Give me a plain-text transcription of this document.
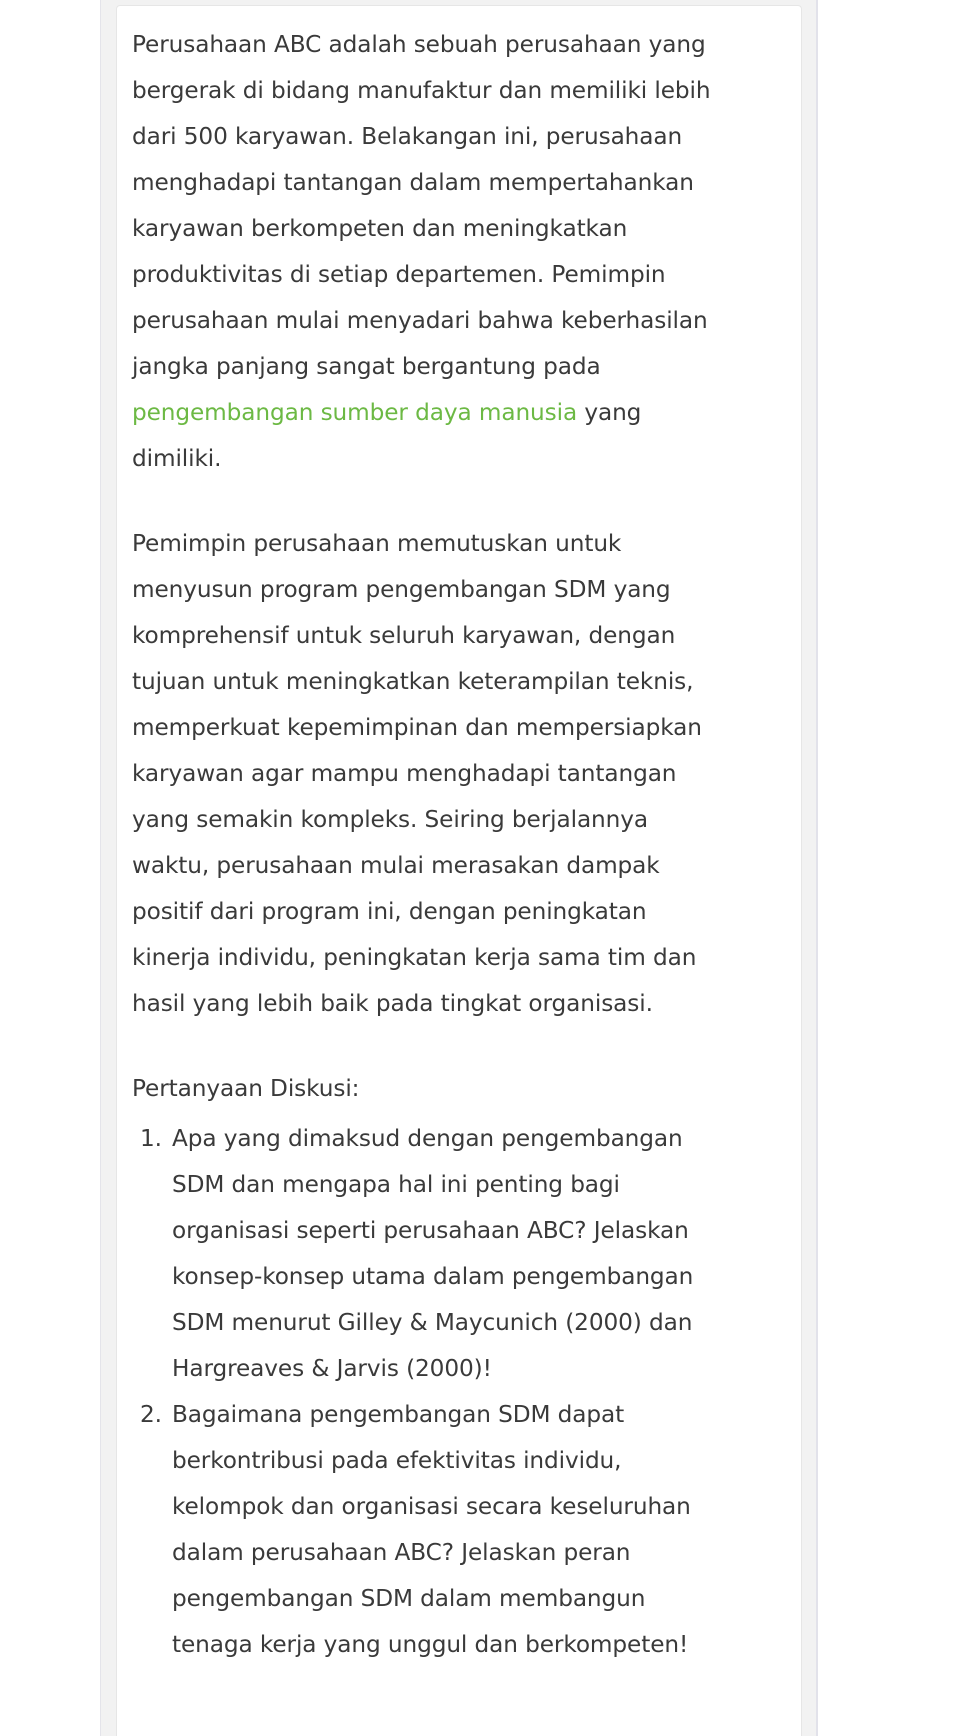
Perusahaan ABC adalah sebuah perusahaan yang
bergerak di bidang manufaktur dan memiliki lebih
dari 500 karyawan. Belakangan ini, perusahaan
menghadapi tantangan dalam mempertahankan
karyawan berkompeten dan meningkatkan
produktivitas di setiap departemen. Pemimpin
perusahaan mulai menyadari bahwa keberhasilan
jangka panjang sangat bergantung pada
pengembangan sumber daya manusia yang
dimiliki.
Pemimpin perusahaan memutuskan untuk
menyusun program pengembangan SDM yang
komprehensif untuk seluruh karyawan, dengan
tujuan untuk meningkatkan keterampilan teknis,
memperkuat kepemimpinan dan mempersiapkan
karyawan agar mampu menghadapi tantangan
yang semakin kompleks. Seiring berjalannya
waktu, perusahaan mulai merasakan dampak
positif dari program ini, dengan peningkatan
kinerja individu, peningkatan kerja sama tim dan
hasil yang lebih baik pada tingkat organisasi.
Pertanyaan Diskusi:
1. Apa yang dimaksud dengan pengembangan
SDM dan mengapa hal ini penting bagi
organisasi seperti perusahaan ABC? Jelaskan
konsep-konsep utama dalam pengembangan
SDM menurut Gilley & Maycunich (2000) dan
Hargreaves & Jarvis (2000)!
2. Bagaimana pengembangan SDM dapat
berkontribusi pada efektivitas individu,
kelompok dan organisasi secara keseluruhan
dalam perusahaan ABC? Jelaskan peran
pengembangan SDM dalam membangun
tenaga kerja yang unggul dan berkompeten!
